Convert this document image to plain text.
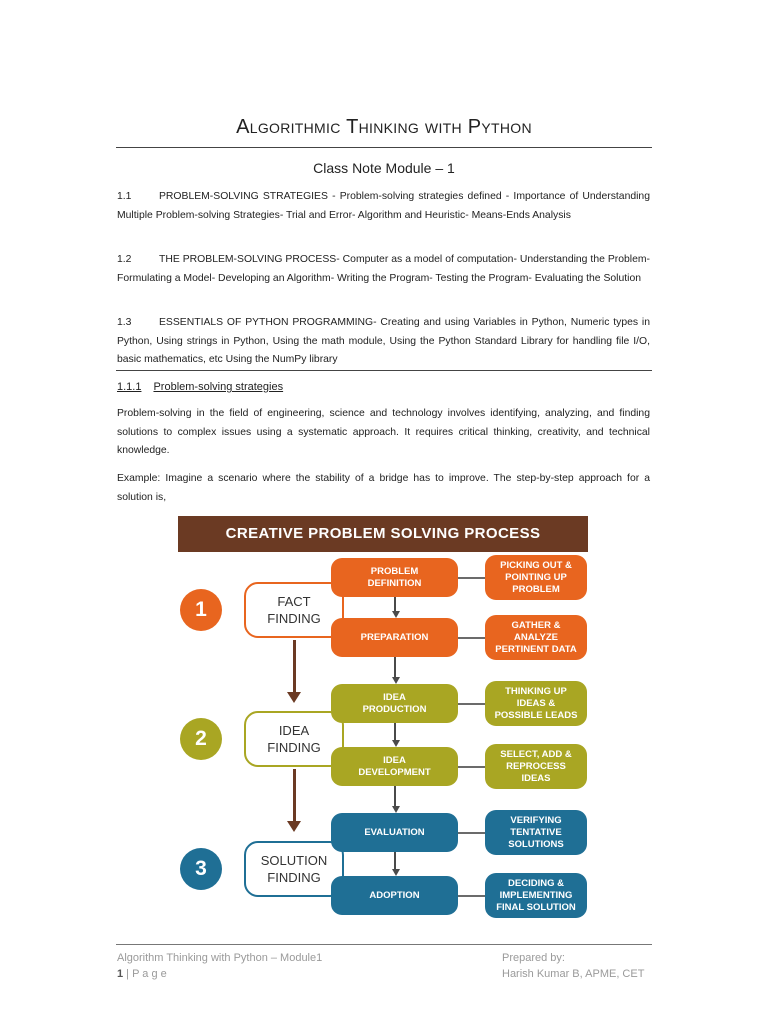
Algorithmic Thinking with Python
Class Note Module – 1
1.1	PROBLEM-SOLVING STRATEGIES - Problem-solving strategies defined - Importance of Understanding Multiple Problem-solving Strategies- Trial and Error- Algorithm and Heuristic- Means-Ends Analysis
1.2	THE PROBLEM-SOLVING PROCESS- Computer as a model of computation- Understanding the Problem- Formulating a Model- Developing an Algorithm- Writing the Program- Testing the Program- Evaluating the Solution
1.3	ESSENTIALS OF PYTHON PROGRAMMING- Creating and using Variables in Python, Numeric types in Python, Using strings in Python, Using the math module, Using the Python Standard Library for handling file I/O, basic mathematics, etc Using the NumPy library
1.1.1 Problem-solving strategies
Problem-solving in the field of engineering, science and technology involves identifying, analyzing, and finding solutions to complex issues using a systematic approach. It requires critical thinking, creativity, and technical knowledge.
Example: Imagine a scenario where the stability of a bridge has to improve. The step-by-step approach for a solution is,
CREATIVE PROBLEM SOLVING PROCESS
1
2
3
FACT
FINDING
IDEA
FINDING
SOLUTION
FINDING
PROBLEM
DEFINITION
PICKING OUT &
POINTING UP
PROBLEM
PREPARATION
GATHER &
ANALYZE
PERTINENT DATA
IDEA
PRODUCTION
THINKING UP
IDEAS &
POSSIBLE LEADS
IDEA
DEVELOPMENT
SELECT, ADD &
REPROCESS
IDEAS
EVALUATION
VERIFYING
TENTATIVE
SOLUTIONS
ADOPTION
DECIDING &
IMPLEMENTING
FINAL SOLUTION
Algorithm Thinking with Python – Module1
1 | P a g e
Prepared by:
Harish Kumar B, APME, CET
